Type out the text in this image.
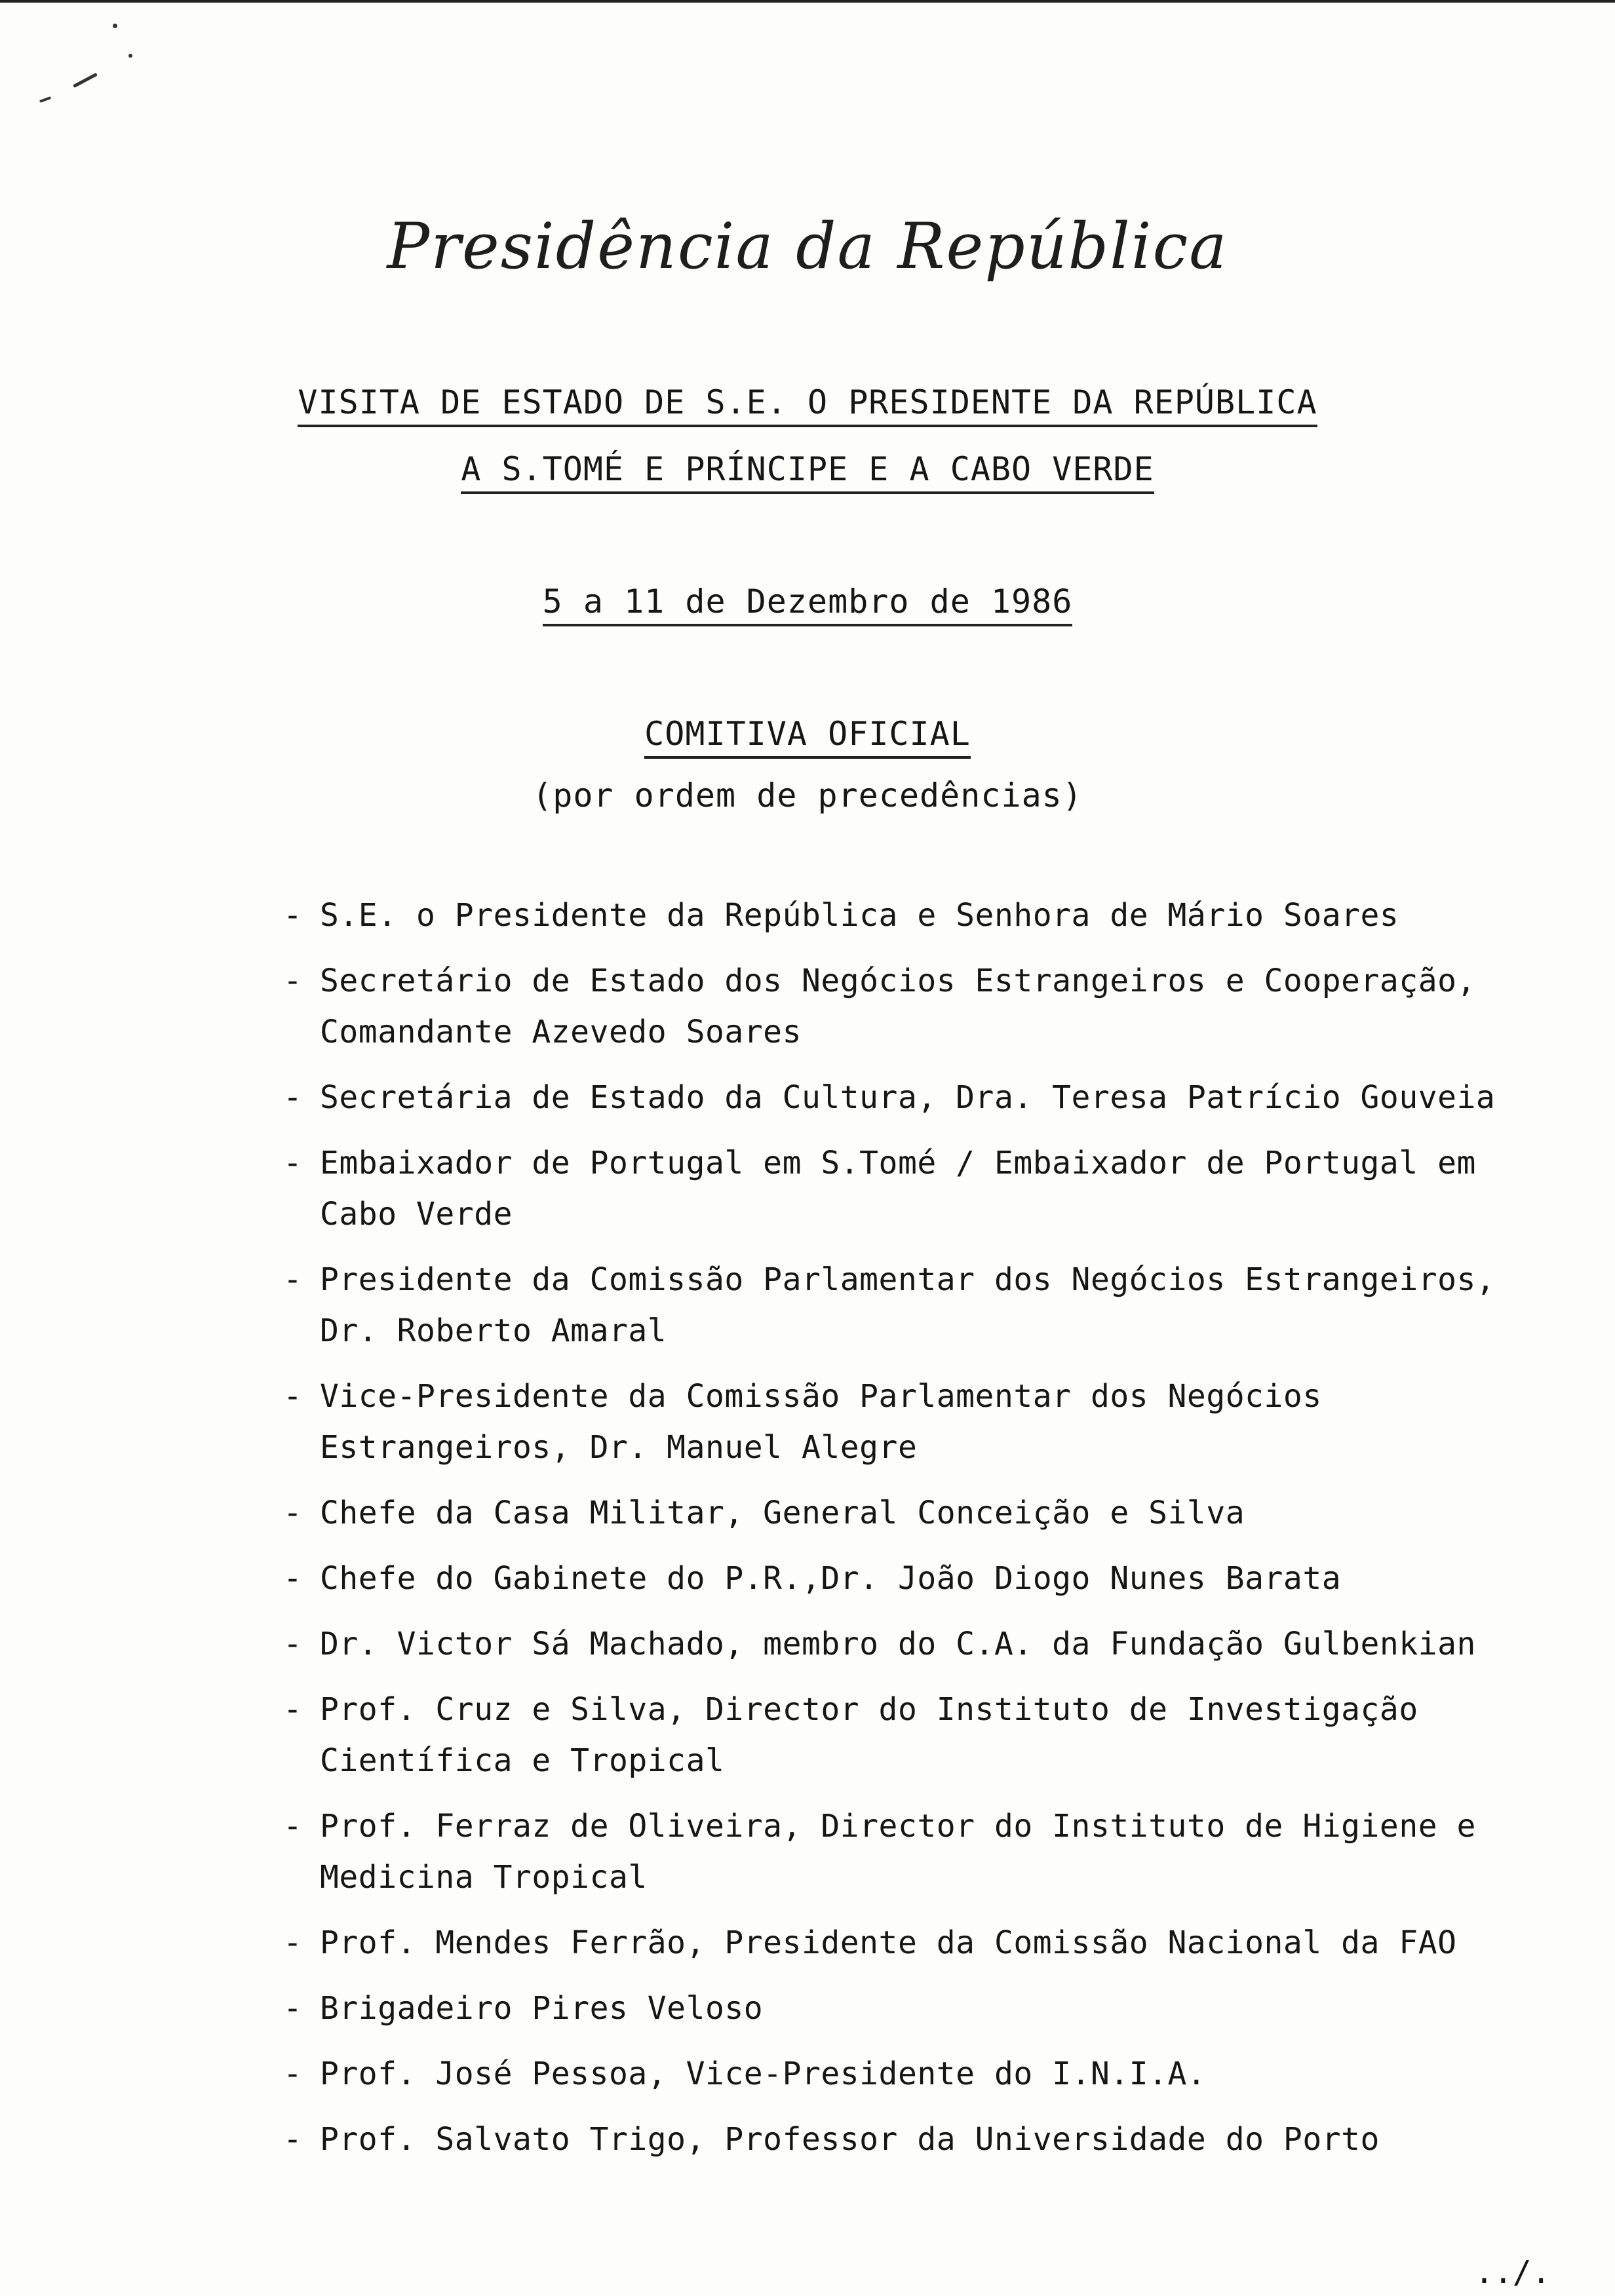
Presidência da República
VISITA DE ESTADO DE S.E. O PRESIDENTE DA REPÚBLICA
A S.TOMÉ E PRÍNCIPE E A CABO VERDE
5 a 11 de Dezembro de 1986
COMITIVA OFICIAL
(por ordem de precedências)
- S.E. o Presidente da República e Senhora de Mário Soares
- Secretário de Estado dos Negócios Estrangeiros e Cooperação, Comandante Azevedo Soares
- Secretária de Estado da Cultura, Dra. Teresa Patrício Gouveia
- Embaixador de Portugal em S.Tomé / Embaixador de Portugal em Cabo Verde
- Presidente da Comissão Parlamentar dos Negócios Estrangeiros, Dr. Roberto Amaral
- Vice-Presidente da Comissão Parlamentar dos Negócios Estrangeiros, Dr. Manuel Alegre
- Chefe da Casa Militar, General Conceição e Silva
- Chefe do Gabinete do P.R.,Dr. João Diogo Nunes Barata
- Dr. Victor Sá Machado, membro do C.A. da Fundação Gulbenkian
- Prof. Cruz e Silva, Director do Instituto de Investigação Científica e Tropical
- Prof. Ferraz de Oliveira, Director do Instituto de Higiene e Medicina Tropical
- Prof. Mendes Ferrão, Presidente da Comissão Nacional da FAO
- Brigadeiro Pires Veloso
- Prof. José Pessoa, Vice-Presidente do I.N.I.A.
- Prof. Salvato Trigo, Professor da Universidade do Porto
../.
